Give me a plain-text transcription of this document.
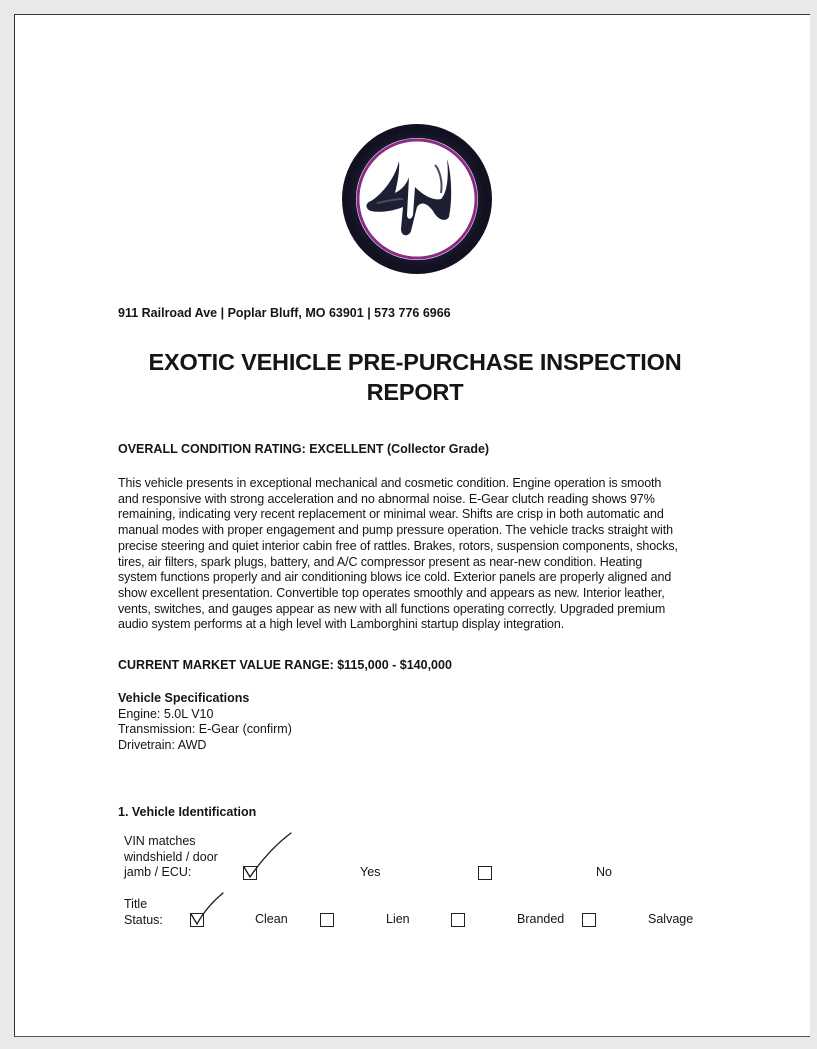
911 Railroad Ave | Poplar Bluff, MO 63901 | 573 776 6966
EXOTIC VEHICLE PRE-PURCHASE INSPECTION
REPORT
OVERALL CONDITION RATING: EXCELLENT (Collector Grade)
This vehicle presents in exceptional mechanical and cosmetic condition. Engine operation is smooth
and responsive with strong acceleration and no abnormal noise. E-Gear clutch reading shows 97%
remaining, indicating very recent replacement or minimal wear. Shifts are crisp in both automatic and
manual modes with proper engagement and pump pressure operation. The vehicle tracks straight with
precise steering and quiet interior cabin free of rattles. Brakes, rotors, suspension components, shocks,
tires, air filters, spark plugs, battery, and A/C compressor present as near-new condition. Heating
system functions properly and air conditioning blows ice cold. Exterior panels are properly aligned and
show excellent presentation. Convertible top operates smoothly and appears as new. Interior leather,
vents, switches, and gauges appear as new with all functions operating correctly. Upgraded premium
audio system performs at a high level with Lamborghini startup display integration.
CURRENT MARKET VALUE RANGE: $115,000 - $140,000
Vehicle Specifications
Engine: 5.0L V10
Transmission: E-Gear (confirm)
Drivetrain: AWD
1. Vehicle Identification
VIN matches
windshield / door
jamb / ECU:	Yes	No
Title
Status:	Clean	Lien	Branded	Salvage
